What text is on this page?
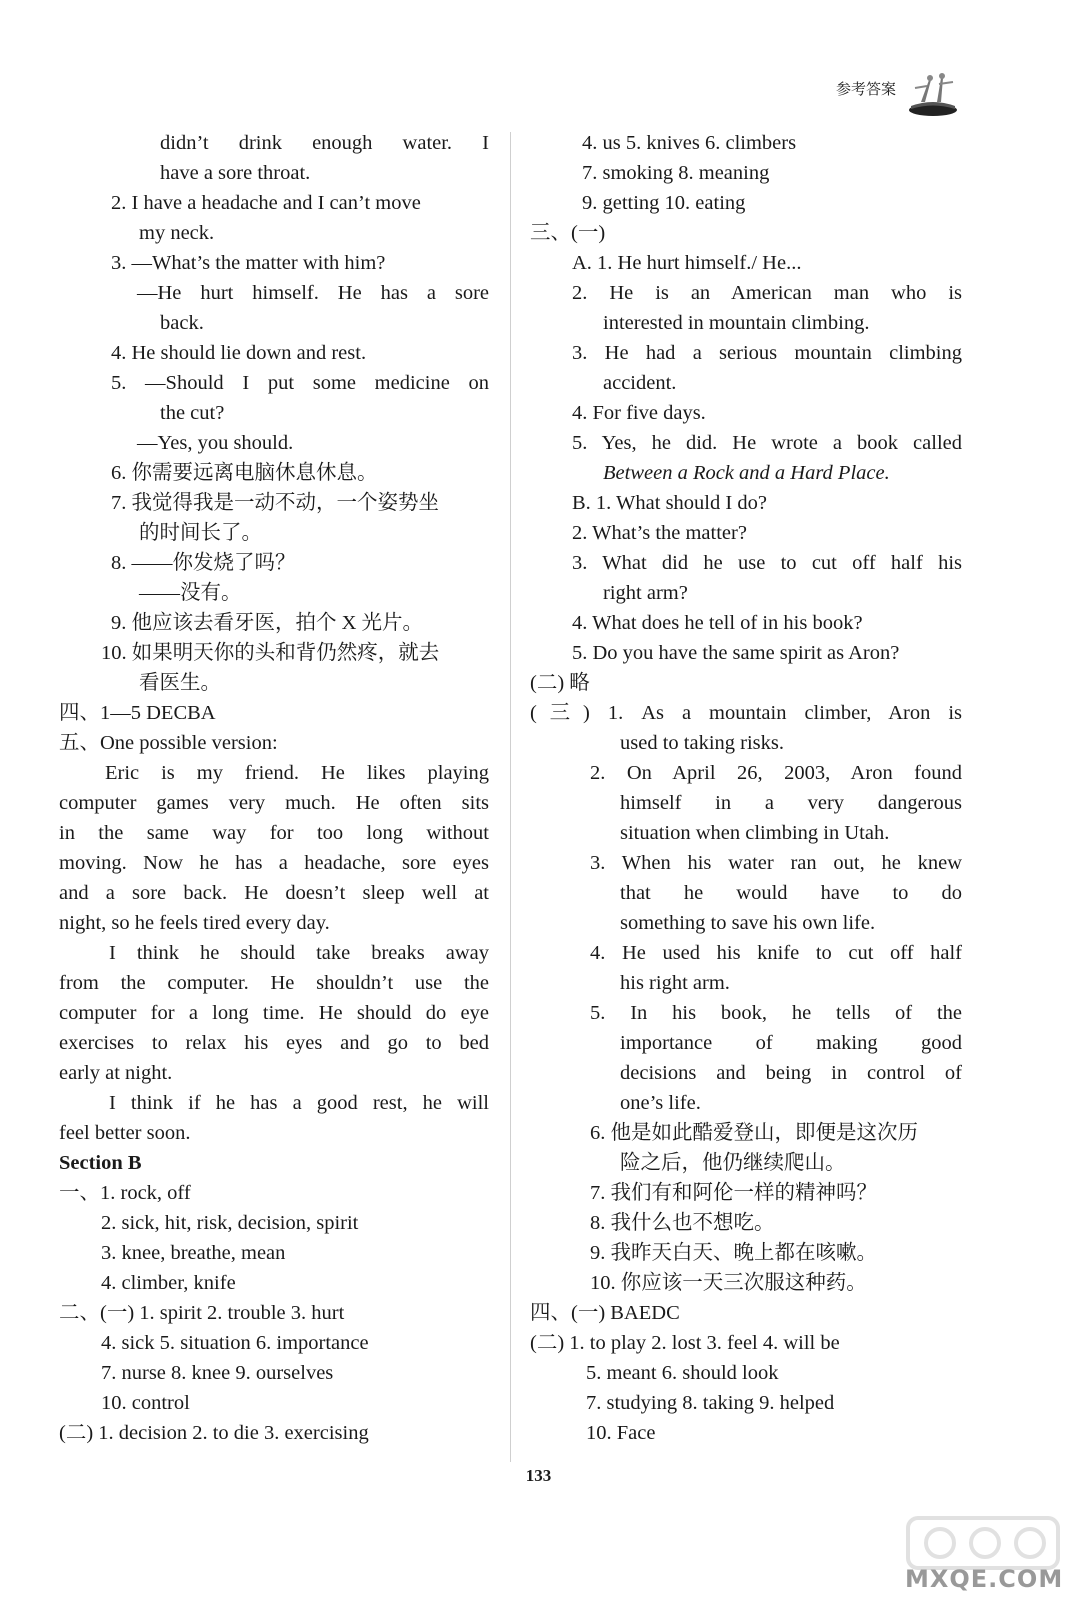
参考答案
didn’t drink enough water. I
have a sore throat.
2. I have a headache and I can’t move
my neck.
3. —What’s the matter with him?
—He hurt himself. He has a sore
back.
4. He should lie down and rest.
5. —Should I put some medicine on
the cut?
—Yes, you should.
6. 你需要远离电脑休息休息。
7. 我觉得我是一动不动，一个姿势坐
的时间长了。
8. ——你发烧了吗？
——没有。
9. 他应该去看牙医，拍个 X 光片。
10. 如果明天你的头和背仍然疼，就去
看医生。
四、1—5 DECBA
五、One possible version:
Eric is my friend. He likes playing
computer games very much. He often sits
in the same way for too long without
moving. Now he has a headache, sore eyes
and a sore back. He doesn’t sleep well at
night, so he feels tired every day.
I think he should take breaks away
from the computer. He shouldn’t use the
computer for a long time. He should do eye
exercises to relax his eyes and go to bed
early at night.
I think if he has a good rest, he will
feel better soon.
Section B
一、1. rock, off
2. sick, hit, risk, decision, spirit
3. knee, breathe, mean
4. climber, knife
二、(一) 1. spirit 2. trouble 3. hurt
4. sick 5. situation 6. importance
7. nurse 8. knee 9. ourselves
10. control
(二) 1. decision 2. to die 3. exercising
4. us 5. knives 6. climbers
7. smoking 8. meaning
9. getting 10. eating
三、(一)
A. 1. He hurt himself./ He...
2. He is an American man who is
interested in mountain climbing.
3. He had a serious mountain climbing
accident.
4. For five days.
5. Yes, he did. He wrote a book called
Between a Rock and a Hard Place.
B. 1. What should I do?
2. What’s the matter?
3. What did he use to cut off half his
right arm?
4. What does he tell of in his book?
5. Do you have the same spirit as Aron?
(二) 略
(三) 1. As a mountain climber, Aron is
used to taking risks.
2. On April 26, 2003, Aron found
himself in a very dangerous
situation when climbing in Utah.
3. When his water ran out, he knew
that he would have to do
something to save his own life.
4. He used his knife to cut off half
his right arm.
5. In his book, he tells of the
importance of making good
decisions and being in control of
one’s life.
6. 他是如此酷爱登山，即便是这次历
险之后，他仍继续爬山。
7. 我们有和阿伦一样的精神吗？
8. 我什么也不想吃。
9. 我昨天白天、晚上都在咳嗽。
10. 你应该一天三次服这种药。
四、(一) BAEDC
(二) 1. to play 2. lost 3. feel 4. will be
5. meant 6. should look
7. studying 8. taking 9. helped
10. Face
133
MXQE.COM
